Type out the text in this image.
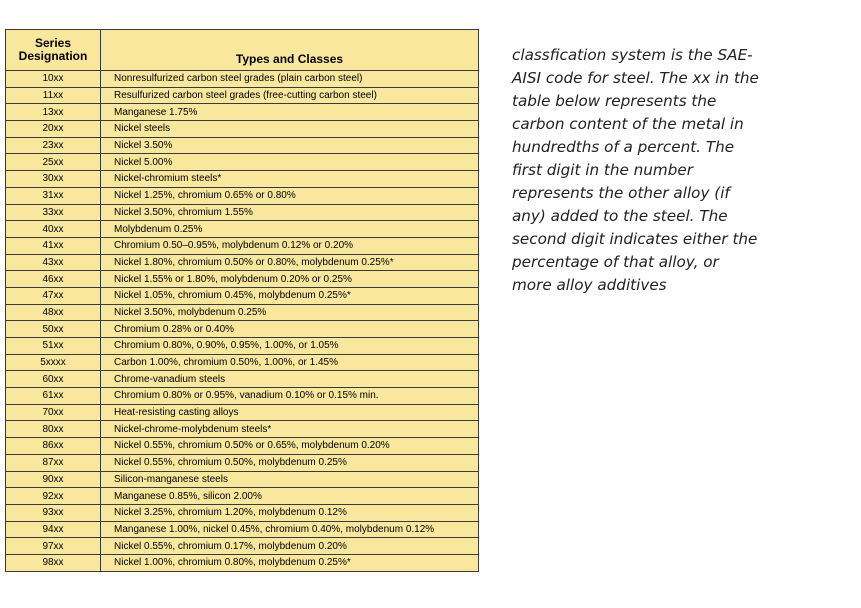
Series
Designation	Types and Classes
10xx	Nonresulfurized carbon steel grades (plain carbon steel)
11xx	Resulfurized carbon steel grades (free-cutting carbon steel)
13xx	Manganese 1.75%
20xx	Nickel steels
23xx	Nickel 3.50%
25xx	Nickel 5.00%
30xx	Nickel-chromium steels*
31xx	Nickel 1.25%, chromium 0.65% or 0.80%
33xx	Nickel 3.50%, chromium 1.55%
40xx	Molybdenum 0.25%
41xx	Chromium 0.50–0.95%, molybdenum 0.12% or 0.20%
43xx	Nickel 1.80%, chromium 0.50% or 0.80%, molybdenum 0.25%*
46xx	Nickel 1.55% or 1.80%, molybdenum 0.20% or 0.25%
47xx	Nickel 1.05%, chromium 0.45%, molybdenum 0.25%*
48xx	Nickel 3.50%, molybdenum 0.25%
50xx	Chromium 0.28% or 0.40%
51xx	Chromium 0.80%, 0.90%, 0.95%, 1.00%, or 1.05%
5xxxx	Carbon 1.00%, chromium 0.50%, 1.00%, or 1.45%
60xx	Chrome-vanadium steels
61xx	Chromium 0.80% or 0.95%, vanadium 0.10% or 0.15% min.
70xx	Heat-resisting casting alloys
80xx	Nickel-chrome-molybdenum steels*
86xx	Nickel 0.55%, chromium 0.50% or 0.65%, molybdenum 0.20%
87xx	Nickel 0.55%, chromium 0.50%, molybdenum 0.25%
90xx	Silicon-manganese steels
92xx	Manganese 0.85%, silicon 2.00%
93xx	Nickel 3.25%, chromium 1.20%, molybdenum 0.12%
94xx	Manganese 1.00%, nickel 0.45%, chromium 0.40%, molybdenum 0.12%
97xx	Nickel 0.55%, chromium 0.17%, molybdenum 0.20%
98xx	Nickel 1.00%, chromium 0.80%, molybdenum 0.25%*

classfication system is the SAE-AISI code for steel. The xx in the table below represents the carbon content of the metal in hundredths of a percent. The first digit in the number represents the other alloy (if any) added to the steel. The second digit indicates either the percentage of that alloy, or more alloy additives
